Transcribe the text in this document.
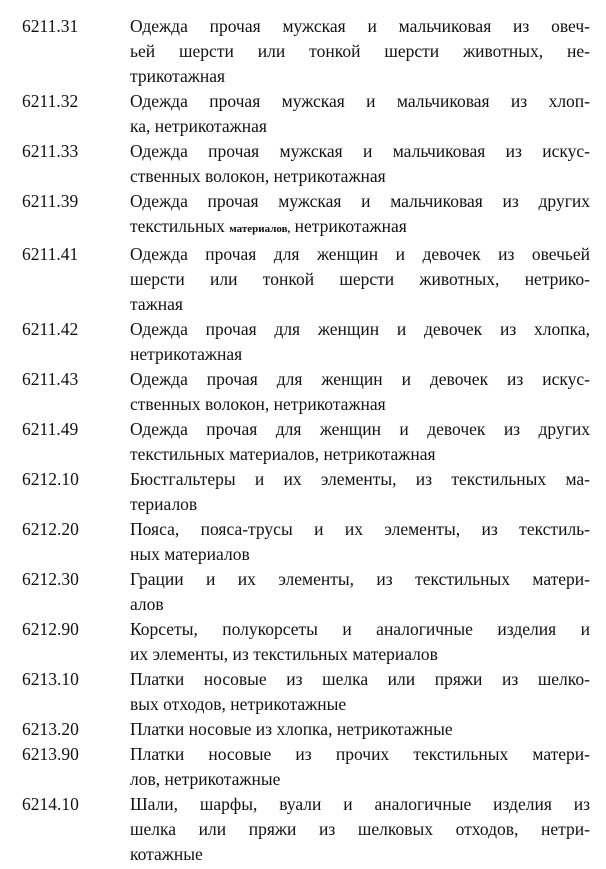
6211.31	Одежда прочая мужская и мальчиковая из овеч-
ьей шерсти или тонкой шерсти животных, не-
трикотажная
6211.32	Одежда прочая мужская и мальчиковая из хлоп-
ка, нетрикотажная
6211.33	Одежда прочая мужская и мальчиковая из искус-
ственных волокон, нетрикотажная
6211.39	Одежда прочая мужская и мальчиковая из других
текстильных материалов, нетрикотажная
6211.41	Одежда прочая для женщин и девочек из овечьей
шерсти или тонкой шерсти животных, нетрико-
тажная
6211.42	Одежда прочая для женщин и девочек из хлопка,
нетрикотажная
6211.43	Одежда прочая для женщин и девочек из искус-
ственных волокон, нетрикотажная
6211.49	Одежда прочая для женщин и девочек из других
текстильных материалов, нетрикотажная
6212.10	Бюстгальтеры и их элементы, из текстильных ма-
териалов
6212.20	Пояса, пояса-трусы и их элементы, из текстиль-
ных материалов
6212.30	Грации и их элементы, из текстильных матери-
алов
6212.90	Корсеты, полукорсеты и аналогичные изделия и
их элементы, из текстильных материалов
6213.10	Платки носовые из шелка или пряжи из шелко-
вых отходов, нетрикотажные
6213.20	Платки носовые из хлопка, нетрикотажные
6213.90	Платки носовые из прочих текстильных матери-
лов, нетрикотажные
6214.10	Шали, шарфы, вуали и аналогичные изделия из
шелка или пряжи из шелковых отходов, нетри-
котажные
